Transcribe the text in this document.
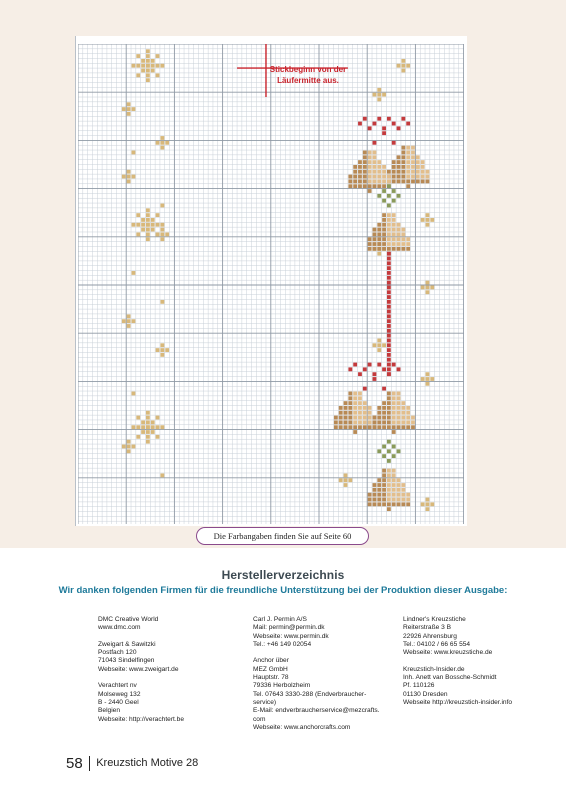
Stickbeginn von der
Läufermitte aus.
Die Farbangaben finden Sie auf Seite 60
Herstellerverzeichnis
Wir danken folgenden Firmen für die freundliche Unterstützung bei der Produktion dieser Ausgabe:
DMC Creative World
www.dmc.com
Zweigart & Sawitzki
Postfach 120
71043 Sindelfingen
Webseite: www.zweigart.de
Verachtert nv
Molseweg 132
B - 2440 Geel
Belgien
Webseite: http://verachtert.be
Carl J. Permin A/S
Mail: permin@permin.dk
Webseite: www.permin.dk
Tel.: +46 149 02054
Anchor über
MEZ GmbH
Hauptstr. 78
79336 Herbolzheim
Tel. 07643 3330-288 (Endverbraucher-
service)
E-Mail: endverbraucherservice@mezcrafts.
com
Webseite: www.anchorcrafts.com
Lindner's Kreuzstiche
Reiterstraße 3 B
22926 Ahrensburg
Tel.: 04102 / 66 65 554
Webseite: www.kreuzstiche.de
Kreuzstich-Insider.de
Inh. Anett van Bossche-Schmidt
Pf. 110126
01130 Dresden
Webseite http://kreuzstich-insider.info
58 Kreuzstich Motive 28
PassionForum.ru
